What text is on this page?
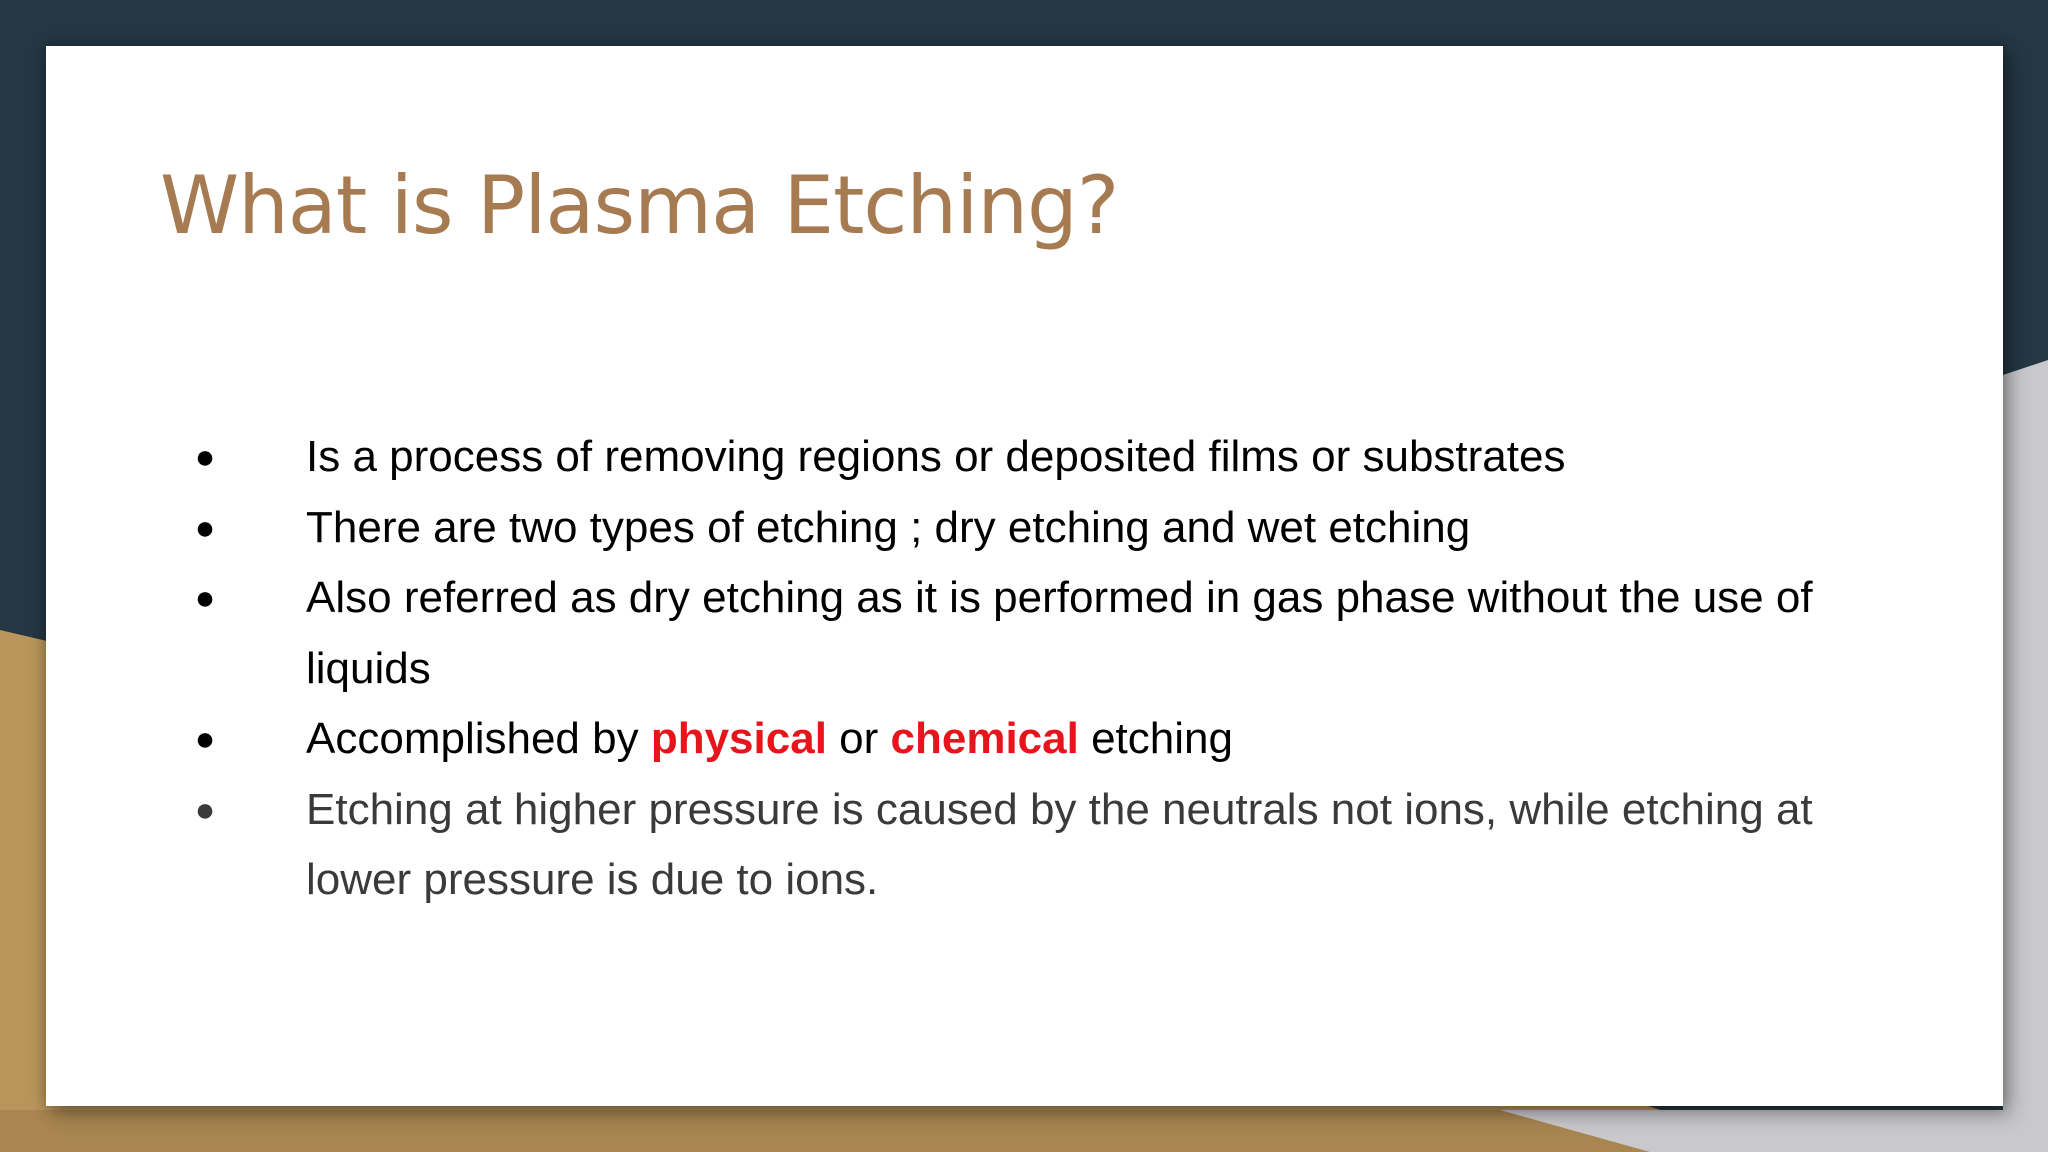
What is Plasma Etching?
● Is a process of removing regions or deposited films or substrates
● There are two types of etching ; dry etching and wet etching
● Also referred as dry etching as it is performed in gas phase without the use of liquids
● Accomplished by physical or chemical etching
● Etching at higher pressure is caused by the neutrals not ions, while etching at lower pressure is due to ions.
